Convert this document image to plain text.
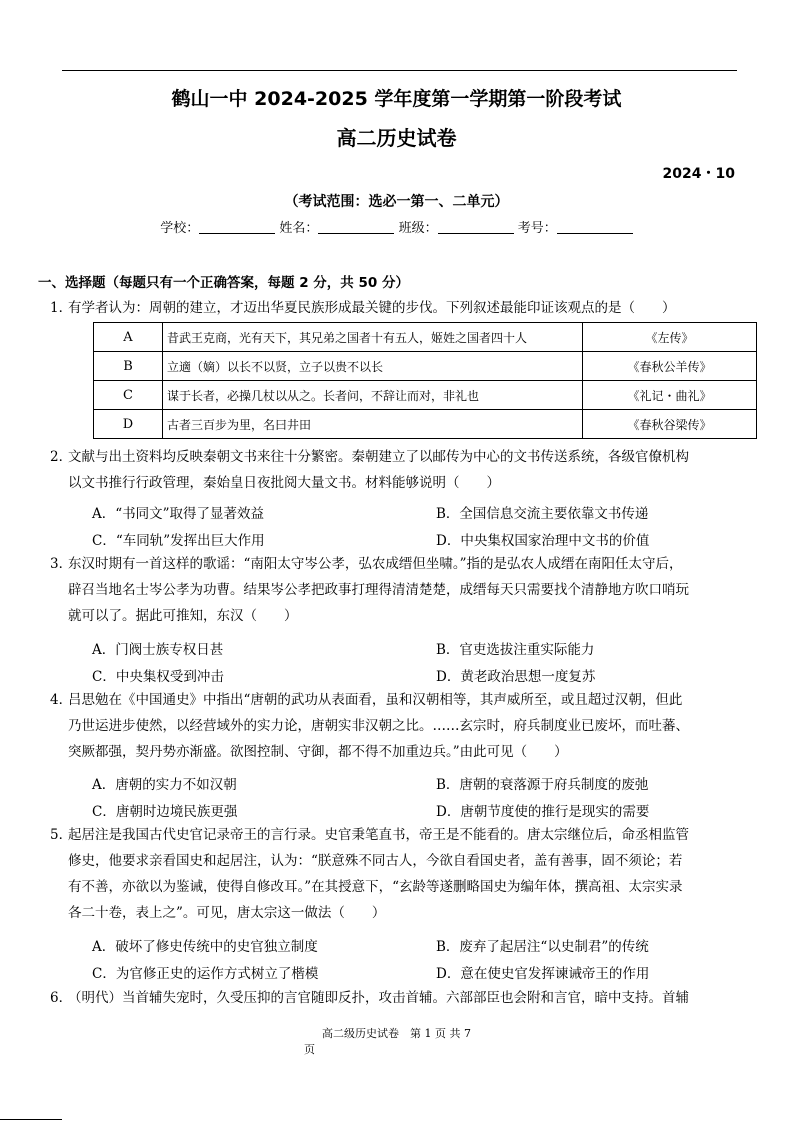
鹤山一中 2024-2025 学年度第一学期第一阶段考试
高二历史试卷
2024・10
（考试范围：选必一第一、二单元）
学校：	姓名：	班级：	考号：
一、选择题（每题只有一个正确答案，每题 2 分，共 50 分）
1．
有学者认为：周朝的建立，才迈出华夏民族形成最关键的步伐。下列叙述最能印证该观点的是（　　）
A	昔武王克商，光有天下，其兄弟之国者十有五人，姬姓之国者四十人	《左传》
B	立適（嫡）以长不以贤，立子以贵不以长	《春秋公羊传》
C	谋于长者，必操几杖以从之。长者问，不辞让而对，非礼也	《礼记・曲礼》
D	古者三百步为里，名曰井田	《春秋谷梁传》
2．
文献与出土资料均反映秦朝文书来往十分繁密。秦朝建立了以邮传为中心的文书传送系统，各级官僚机构
以文书推行行政管理，秦始皇日夜批阅大量文书。材料能够说明（　　）
A．“书同文”取得了显著效益	B．全国信息交流主要依靠文书传递
C．“车同轨”发挥出巨大作用	D．中央集权国家治理中文书的价值
3．
东汉时期有一首这样的歌谣：“南阳太守岑公孝，弘农成缙但坐啸。”指的是弘农人成缙在南阳任太守后，
辟召当地名士岑公孝为功曹。结果岑公孝把政事打理得清清楚楚，成缙每天只需要找个清静地方吹口哨玩
就可以了。据此可推知，东汉（　　）
A．门阀士族专权日甚	B．官吏选拔注重实际能力
C．中央集权受到冲击	D．黄老政治思想一度复苏
4．
吕思勉在《中国通史》中指出“唐朝的武功从表面看，虽和汉朝相等，其声威所至，或且超过汉朝，但此
乃世运进步使然，以经营域外的实力论，唐朝实非汉朝之比。……玄宗时，府兵制度业已废坏，而吐蕃、
突厥都强，契丹势亦渐盛。欲图控制、守御，都不得不加重边兵。”由此可见（　　）
A．唐朝的实力不如汉朝	B．唐朝的衰落源于府兵制度的废弛
C．唐朝时边境民族更强	D．唐朝节度使的推行是现实的需要
5．
起居注是我国古代史官记录帝王的言行录。史官秉笔直书，帝王是不能看的。唐太宗继位后，命丞相监管
修史，他要求亲看国史和起居注，认为：“朕意殊不同古人，今欲自看国史者，盖有善事，固不须论；若
有不善，亦欲以为鉴诫，使得自修改耳。”在其授意下，“玄龄等遂删略国史为编年体，撰高祖、太宗实录
各二十卷，表上之”。可见，唐太宗这一做法（　　）
A．破坏了修史传统中的史官独立制度	B．废弃了起居注“以史制君”的传统
C．为官修正史的运作方式树立了楷模	D．意在使史官发挥谏诫帝王的作用
6．
（明代）当首辅失宠时，久受压抑的言官随即反扑，攻击首辅。六部部臣也会附和言官，暗中支持。首辅
高二级历史试卷　第 1 页 共 7
页
